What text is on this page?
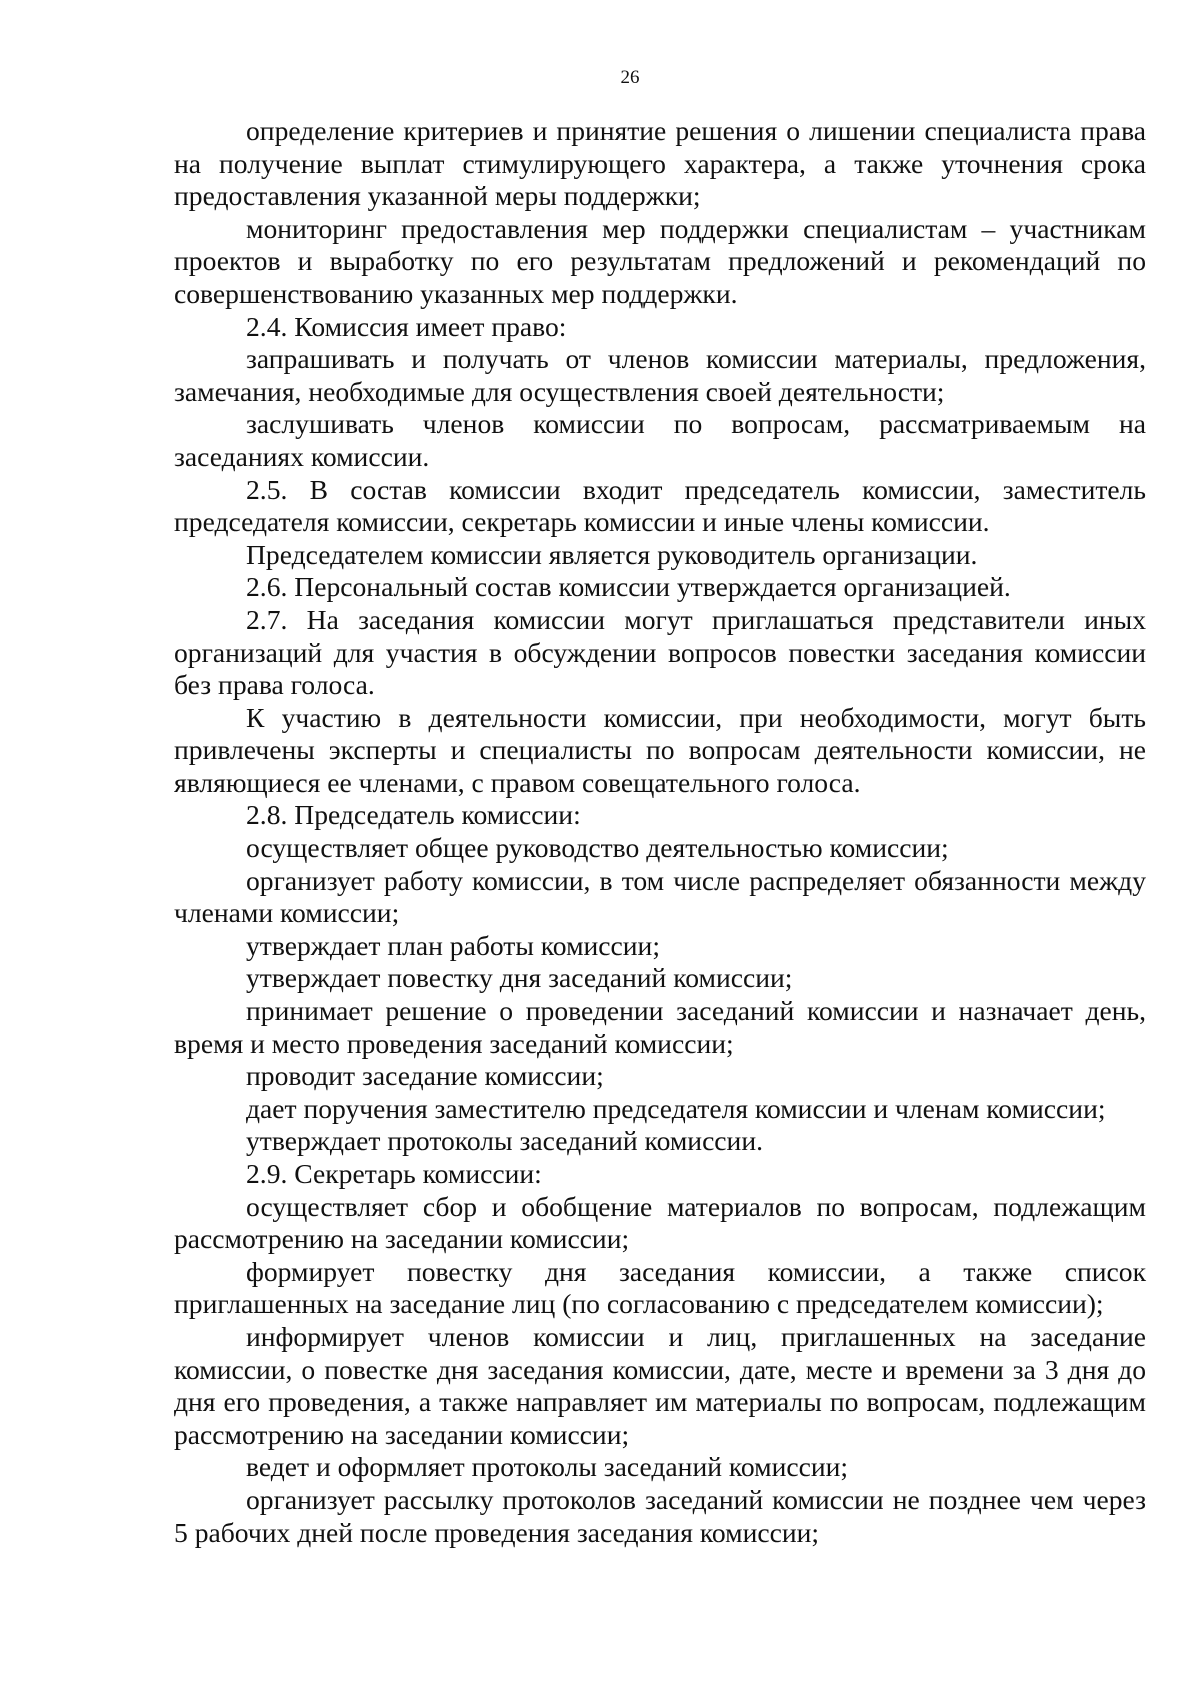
26

определение критериев и принятие решения о лишении специалиста права на получение выплат стимулирующего характера, а также уточнения срока предоставления указанной меры поддержки;

мониторинг предоставления мер поддержки специалистам – участникам проектов и выработку по его результатам предложений и рекомендаций по совершенствованию указанных мер поддержки.

2.4. Комиссия имеет право:

запрашивать и получать от членов комиссии материалы, предложения, замечания, необходимые для осуществления своей деятельности;

заслушивать членов комиссии по вопросам, рассматриваемым на заседаниях комиссии.

2.5. В состав комиссии входит председатель комиссии, заместитель председателя комиссии, секретарь комиссии и иные члены комиссии.

Председателем комиссии является руководитель организации.

2.6. Персональный состав комиссии утверждается организацией.

2.7. На заседания комиссии могут приглашаться представители иных организаций для участия в обсуждении вопросов повестки заседания комиссии без права голоса.

К участию в деятельности комиссии, при необходимости, могут быть привлечены эксперты и специалисты по вопросам деятельности комиссии, не являющиеся ее членами, с правом совещательного голоса.

2.8. Председатель комиссии:

осуществляет общее руководство деятельностью комиссии;

организует работу комиссии, в том числе распределяет обязанности между членами комиссии;

утверждает план работы комиссии;

утверждает повестку дня заседаний комиссии;

принимает решение о проведении заседаний комиссии и назначает день, время и место проведения заседаний комиссии;

проводит заседание комиссии;

дает поручения заместителю председателя комиссии и членам комиссии;

утверждает протоколы заседаний комиссии.

2.9. Секретарь комиссии:

осуществляет сбор и обобщение материалов по вопросам, подлежащим рассмотрению на заседании комиссии;

формирует повестку дня заседания комиссии, а также список приглашенных на заседание лиц (по согласованию с председателем комиссии);

информирует членов комиссии и лиц, приглашенных на заседание комиссии, о повестке дня заседания комиссии, дате, месте и времени за 3 дня до дня его проведения, а также направляет им материалы по вопросам, подлежащим рассмотрению на заседании комиссии;

ведет и оформляет протоколы заседаний комиссии;

организует рассылку протоколов заседаний комиссии не позднее чем через 5 рабочих дней после проведения заседания комиссии;
